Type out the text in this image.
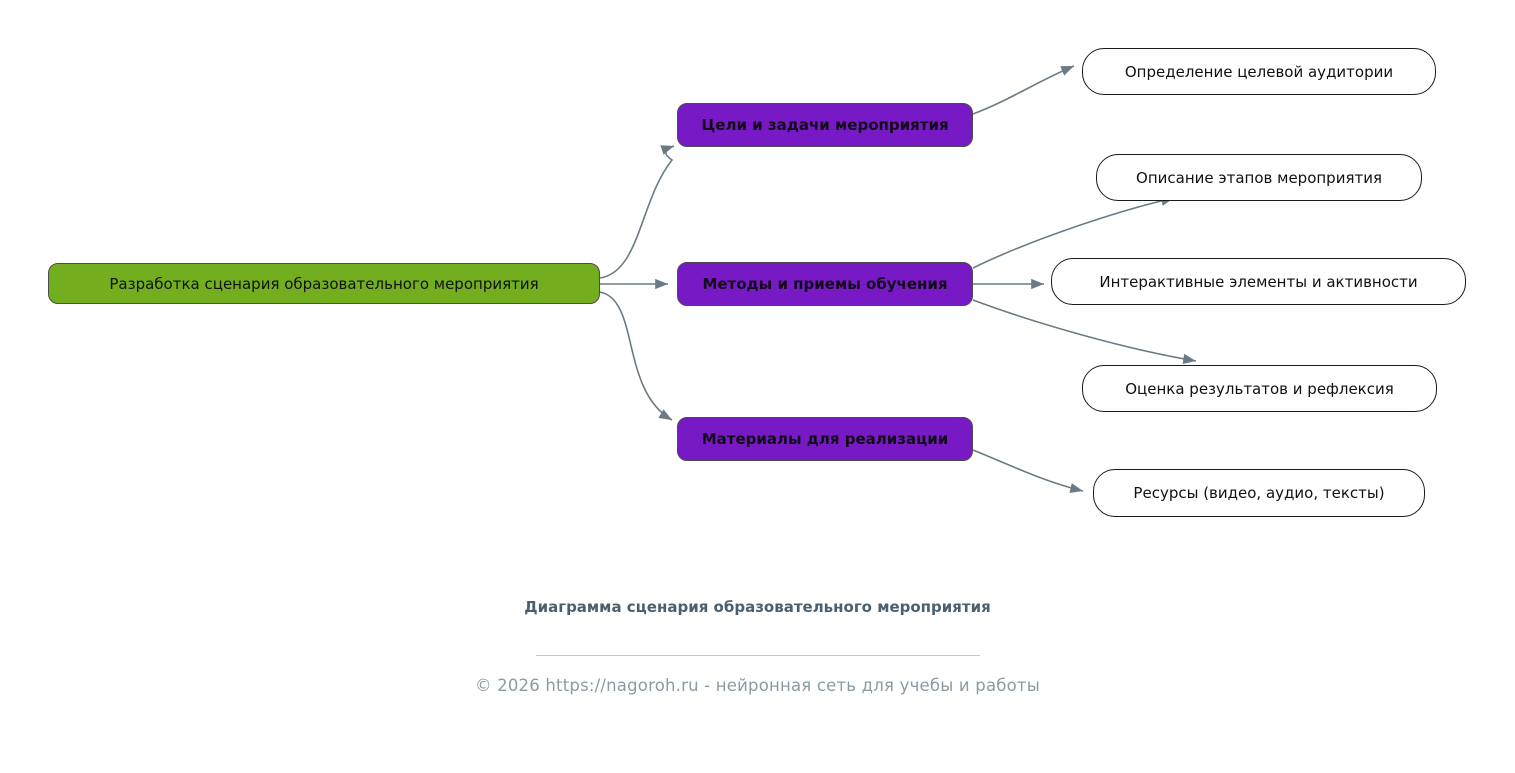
Разработка сценария образовательного мероприятия
Цели и задачи мероприятия
Методы и приемы обучения
Материалы для реализации
Определение целевой аудитории
Описание этапов мероприятия
Интерактивные элементы и активности
Оценка результатов и рефлексия
Ресурсы (видео, аудио, тексты)
Диаграмма сценария образовательного мероприятия
© 2026 https://nagoroh.ru - нейронная сеть для учебы и работы
